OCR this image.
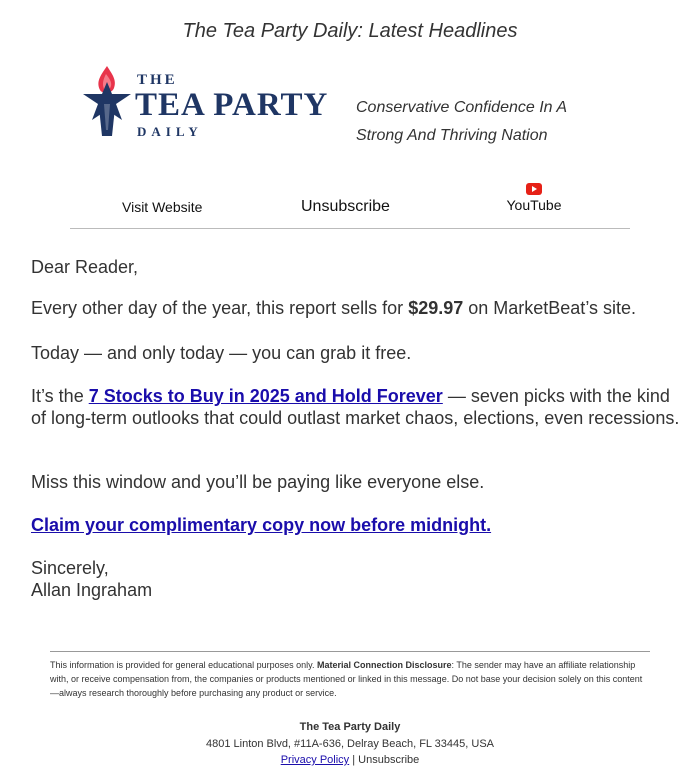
The Tea Party Daily: Latest Headlines
THE
TEA PARTY
DAILY
Conservative Confidence In A
Strong And Thriving Nation
Visit Website	Unsubscribe	YouTube
Dear Reader,
Every other day of the year, this report sells for $29.97 on MarketBeat’s site.
Today — and only today — you can grab it free.
It’s the 7 Stocks to Buy in 2025 and Hold Forever — seven picks with the kind of long-term outlooks that could outlast market chaos, elections, even recessions.
Miss this window and you’ll be paying like everyone else.
Claim your complimentary copy now before midnight.
Sincerely,
Allan Ingraham
This information is provided for general educational purposes only. Material Connection Disclosure: The sender may have an affiliate relationship with, or receive compensation from, the companies or products mentioned or linked in this message. Do not base your decision solely on this content—always research thoroughly before purchasing any product or service.
The Tea Party Daily
4801 Linton Blvd, #11A-636, Delray Beach, FL 33445, USA
Privacy Policy | Unsubscribe
